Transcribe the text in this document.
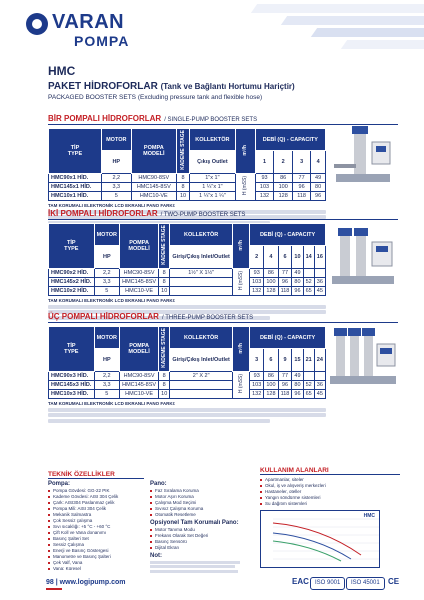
VARAN
POMPA
HMC
PAKET HİDROFORLAR (Tank ve Bağlantı Hortumu Hariçtir)
PACKAGED BOOSTER SETS (Excluding pressure tank and flexible hose)
BİR POMPALI HİDROFORLAR / SINGLE-PUMP BOOSTER SETS
TİP
TYPE	MOTOR	POMPA
MODELİ	KADEME STAGE	KOLLEKTÖR	m³/h	DEBİ (Q) - CAPACITY			
	HP			Çıkış Outlet		1	2	3	4
HMC90x1 HİD.	2,2	HMC90-8SV	8	1"x 1"	H (mSS)	93	86	77	49
HMC145x1 HİD.	3,3	HMC145-8SV	8	1 ¼"x 1"		103	100	96	80
HMC10x1 HİD.	5	HMC10-VE	10	1 ¼"x 1 ¼"		132	128	118	96
TAM KORUMALI ELEKTRONİK LCD EKRANLI PANO FARKI:
İKİ POMPALI HİDROFORLAR / TWO-PUMP BOOSTER SETS
TİP
TYPE	MOTOR	POMPA
MODELİ	KADEME STAGE	KOLLEKTÖR	m³/h	DEBİ (Q) - CAPACITY					
	HP			Giriş/Çıkış Inlet/Outlet		2	4	6	10	14	16
HMC90x2 HİD.	2,2	HMC90-8SV	8	1½" X 1½"	H (mSS)	93	86	77	49		
HMC145x2 HİD.	3,3	HMC145-8SV	8			103	100	96	80	52	36
HMC10x2 HİD.	5	HMC10-VE	10			132	128	118	96	65	45
TAM KORUMALI ELEKTRONİK LCD EKRANLI PANO FARKI:
ÜÇ POMPALI HİDROFORLAR / THREE-PUMP BOOSTER SETS
TİP
TYPE	MOTOR	POMPA
MODELİ	KADEME STAGE	KOLLEKTÖR	m³/h	DEBİ (Q) - CAPACITY					
	HP			Giriş/Çıkış Inlet/Outlet		3	6	9	15	21	24
HMC90x3 HİD.	2,2	HMC90-8SV	8	2" X 2"	H (mSS)	93	86	77	49		
HMC145x3 HİD.	3,3	HMC145-8SV	8			103	100	96	80	52	36
HMC10x3 HİD.	5	HMC10-VE	10			132	128	118	96	65	45
TAM KORUMALI ELEKTRONİK LCD EKRANLI PANO FARKI:
TEKNİK ÖZELLİKLER
Pompa:
Pompa Gövdesi: GG-22 PIK
Kademe Gövdesi: AISI 304 Çelik
Çark: AISI304 Paslanmaz çelik
Pompa Mili: AISI 304 Çelik
Mekanik Salmastra
Çok Sessiz çalışma
Sıvı sıcaklığı: +5 °C - +60 °C
Çift Koll ve Vana donanımı
Basınç Şalteri Set
Sessiz Çalışma
Enerji ve Basınç Göstergesi
Manometre ve Basınç Şalteri
Çek Valf, Vana
Vana: Küresel
Pano:
Faz Sıralama Koruma
Motor Aşırı Koruma
Çalışma Mod Seçimi
Sıvısız Çalışma Koruma
Otomatik Resetleme
Opsiyonel Tam Korumalı Pano:
Motor Tanıma Modu
Frekans Olarak Set Değeri
Basınç Sensörü
Dijital Ekran
Not:
KULLANIM ALANLARI
Apartmanlar, siteler
Okul, iş ve alışveriş merkezleri
Hastaneler, oteller
Yangın söndürme sistemleri
Su dağıtım sistemleri
HMC
98 | www.logipump.com	EAC	ISO 9001	ISO 45001	CE
